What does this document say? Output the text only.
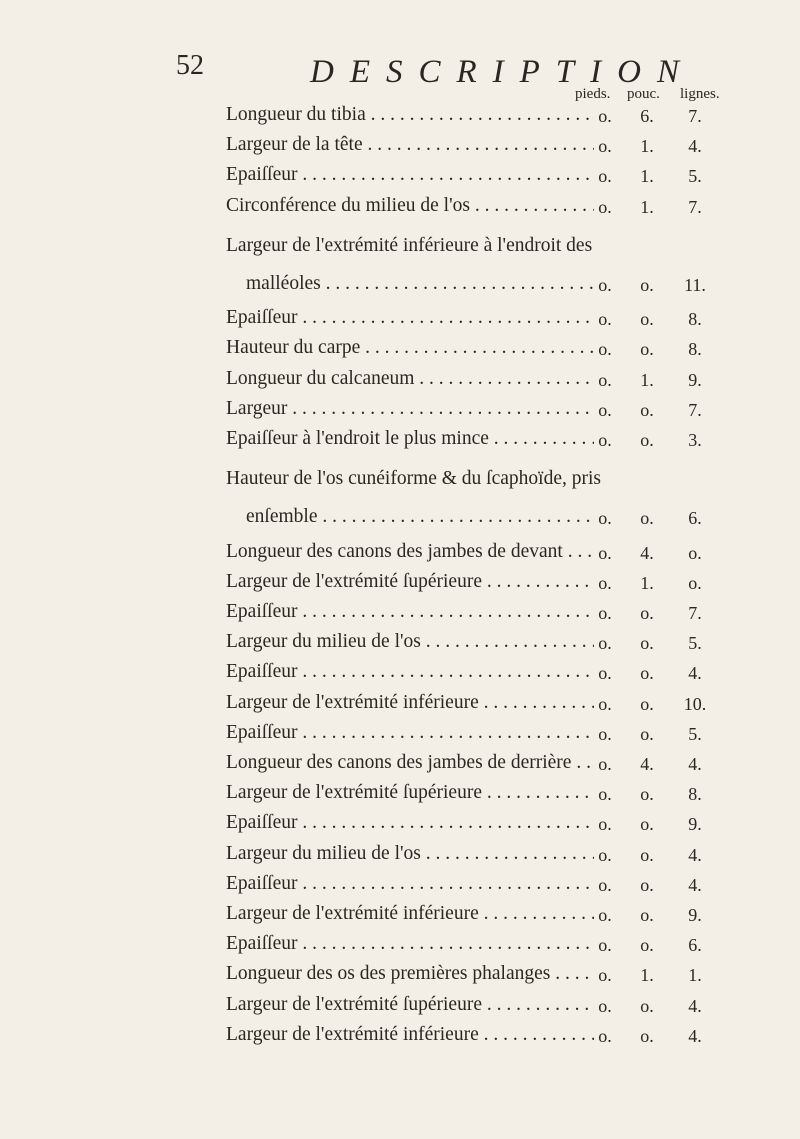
52	DESCRIPTION
pieds. pouc. lignes.
Longueur du tibia . . .	o.	6.	7.
Largeur de la tête . . .	o.	1.	4.
Epaiſſeur . . .	o.	1.	5.
Circonférence du milieu de l'os . . .	o.	1.	7.
Largeur de l'extrémité inférieure à l'endroit des
malléoles . . .	o.	o.	11.
Epaiſſeur . . .	o.	o.	8.
Hauteur du carpe . . .	o.	o.	8.
Longueur du calcaneum . . .	o.	1.	9.
Largeur . . .	o.	o.	7.
Epaiſſeur à l'endroit le plus mince . . .	o.	o.	3.
Hauteur de l'os cunéiforme & du ſcaphoïde, pris
enſemble . . .	o.	o.	6.
Longueur des canons des jambes de devant . . .	o.	4.	o.
Largeur de l'extrémité ſupérieure . . .	o.	1.	o.
Epaiſſeur . . .	o.	o.	7.
Largeur du milieu de l'os . . .	o.	o.	5.
Epaiſſeur . . .	o.	o.	4.
Largeur de l'extrémité inférieure . . .	o.	o.	10.
Epaiſſeur . . .	o.	o.	5.
Longueur des canons des jambes de derrière . . .	o.	4.	4.
Largeur de l'extrémité ſupérieure . . .	o.	o.	8.
Epaiſſeur . . .	o.	o.	9.
Largeur du milieu de l'os . . .	o.	o.	4.
Epaiſſeur . . .	o.	o.	4.
Largeur de l'extrémité inférieure . . .	o.	o.	9.
Epaiſſeur . . .	o.	o.	6.
Longueur des os des premières phalanges . . .	o.	1.	1.
Largeur de l'extrémité ſupérieure . . .	o.	o.	4.
Largeur de l'extrémité inférieure . . .	o.	o.	4.
